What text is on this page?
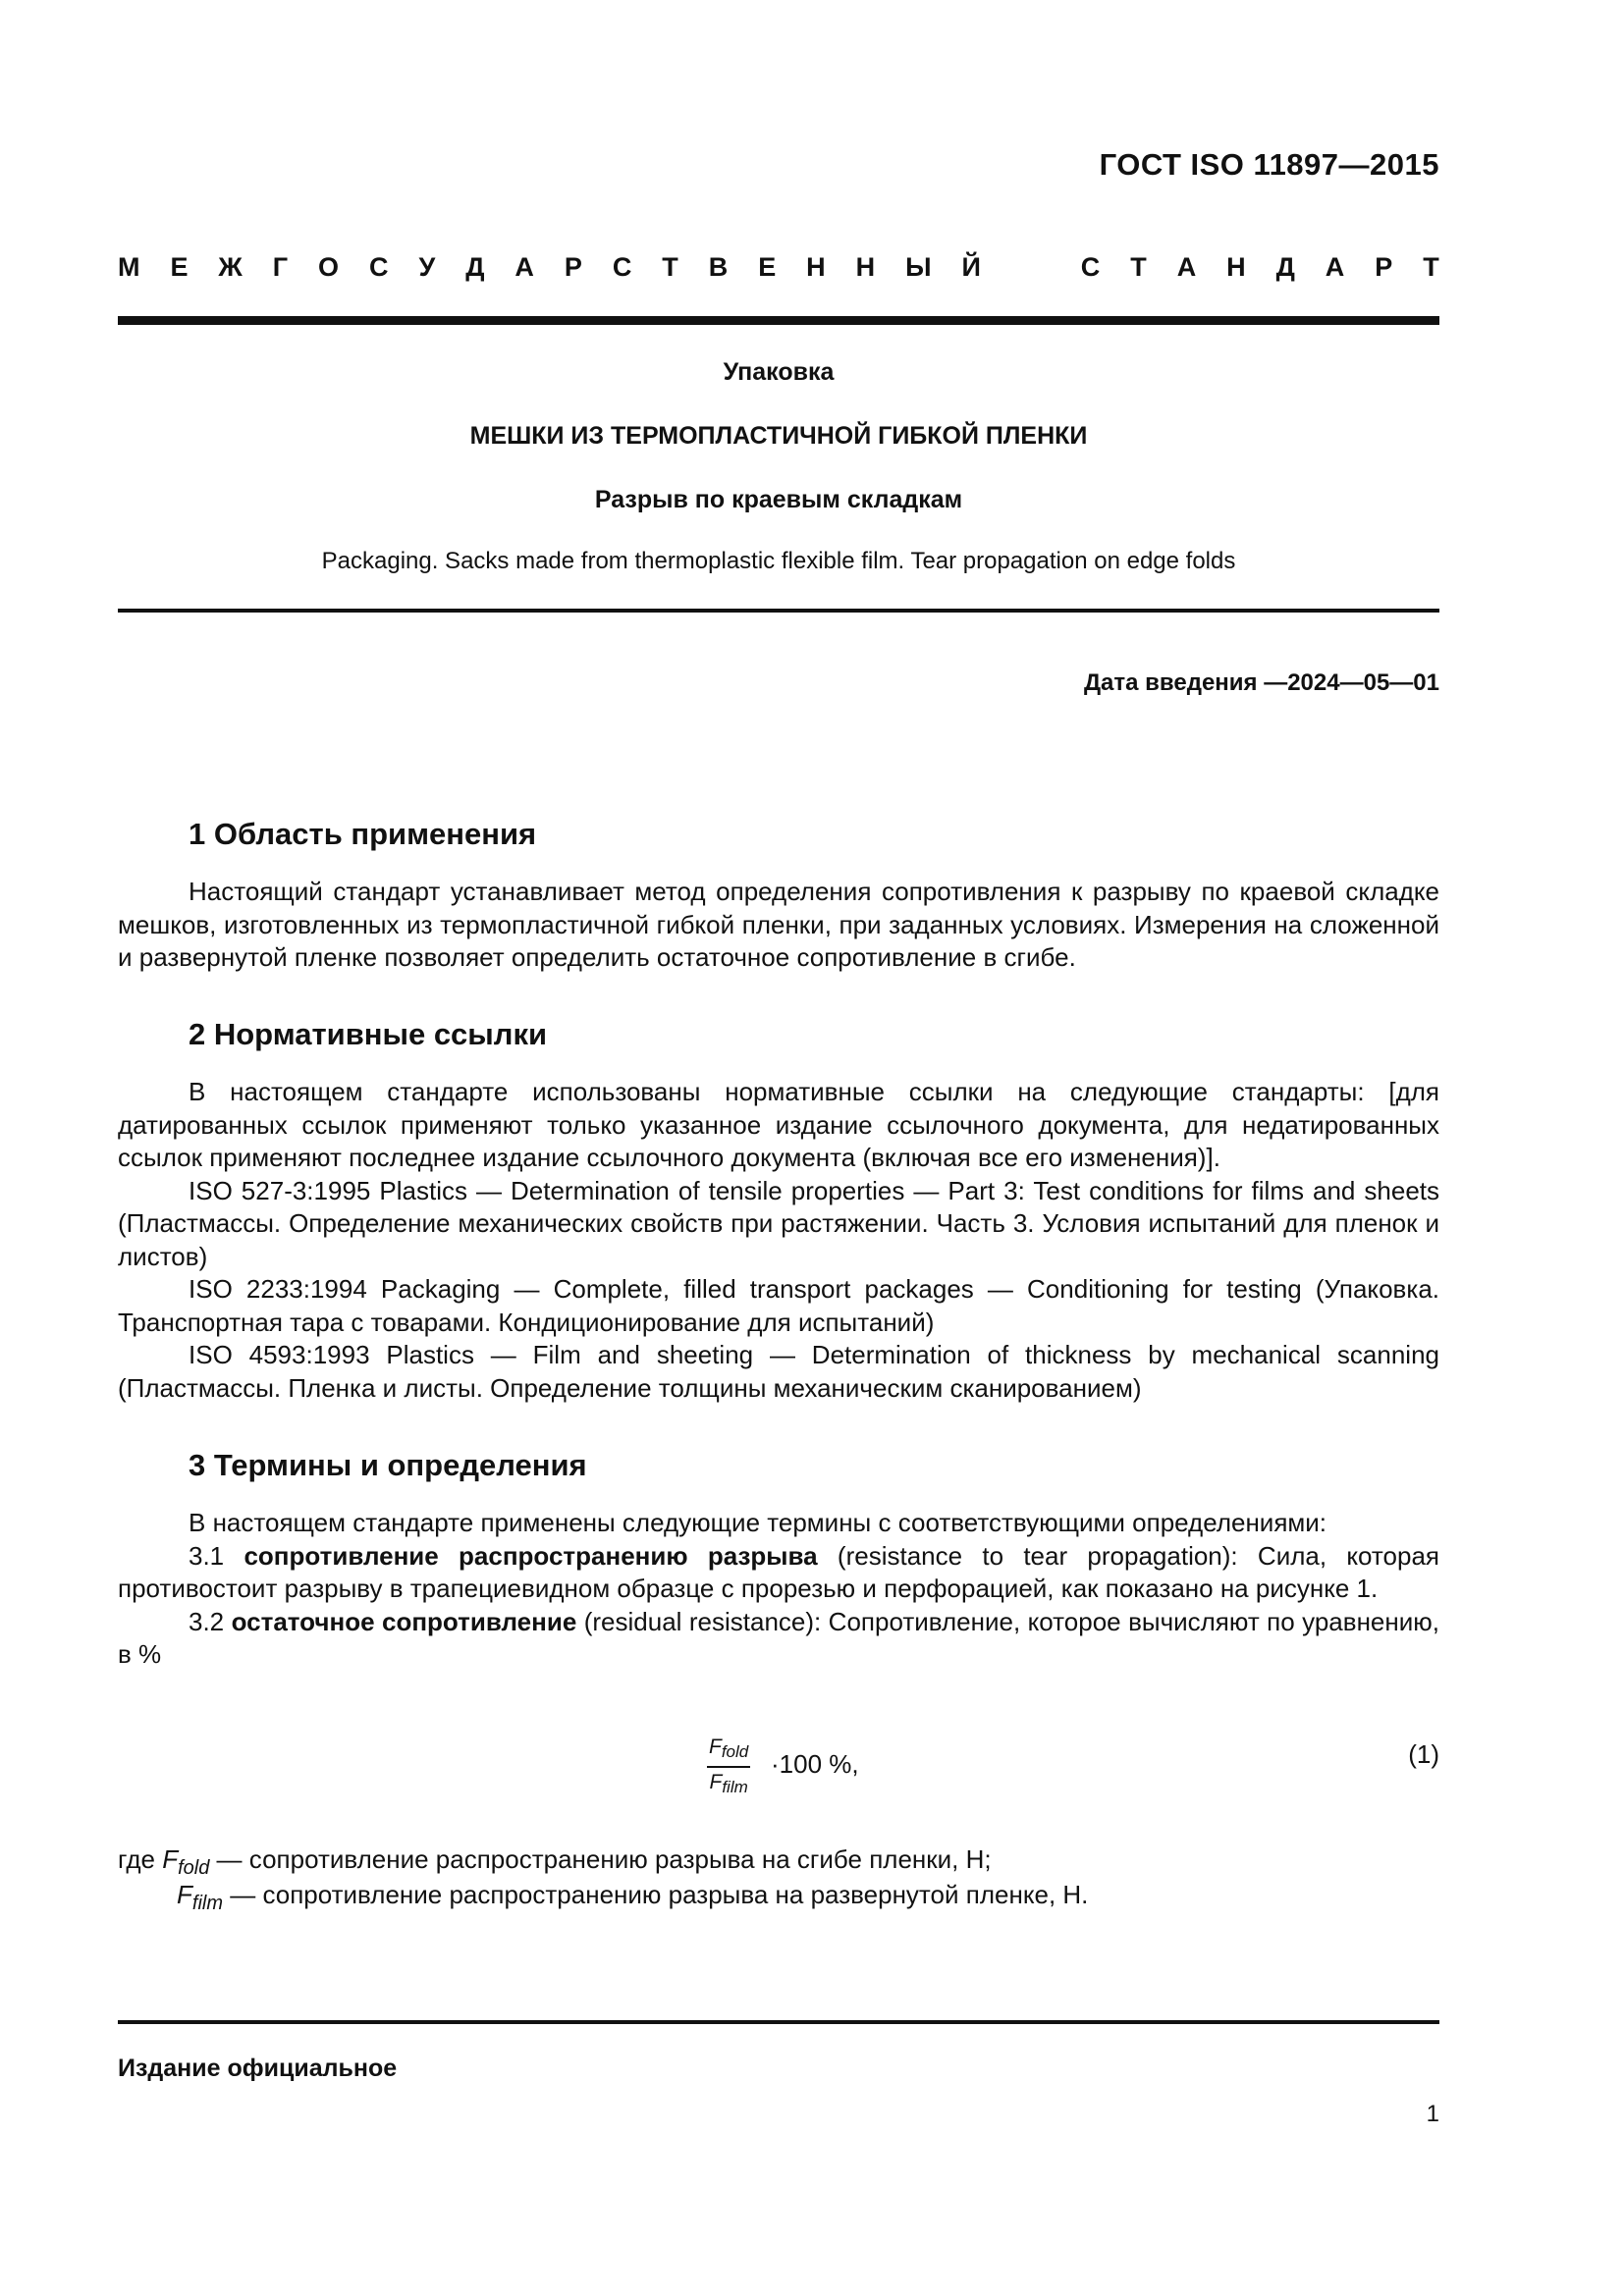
ГОСТ ISO 11897—2015
М Е Ж Г О С У Д А Р С Т В Е Н Н Ы Й	С Т А Н Д А Р Т
Упаковка
МЕШКИ ИЗ ТЕРМОПЛАСТИЧНОЙ ГИБКОЙ ПЛЕНКИ
Разрыв по краевым складкам
Packaging. Sacks made from thermoplastic flexible film. Tear propagation on edge folds
Дата введения —2024—05—01
1 Область применения

Настоящий стандарт устанавливает метод определения сопротивления к разрыву по краевой складке мешков, изготовленных из термопластичной гибкой пленки, при заданных условиях. Измерения на сложенной и развернутой пленке позволяет определить остаточное сопротивление в сгибе.

2 Нормативные ссылки

В настоящем стандарте использованы нормативные ссылки на следующие стандарты: [для датированных ссылок применяют только указанное издание ссылочного документа, для недатированных ссылок применяют последнее издание ссылочного документа (включая все его изменения)].

ISO 527-3:1995 Plastics — Determination of tensile properties — Part 3: Test conditions for films and sheets (Пластмассы. Определение механических свойств при растяжении. Часть 3. Условия испытаний для пленок и листов)

ISO 2233:1994 Packaging — Complete, filled transport packages — Conditioning for testing (Упаковка. Транспортная тара с товарами. Кондиционирование для испытаний)

ISO 4593:1993 Plastics — Film and sheeting — Determination of thickness by mechanical scanning (Пластмассы. Пленка и листы. Определение толщины механическим сканированием)

3 Термины и определения

В настоящем стандарте применены следующие термины с соответствующими определениями:

3.1 сопротивление распространению разрыва (resistance to tear propagation): Сила, которая противостоит разрыву в трапециевидном образце с прорезью и перфорацией, как показано на рисунке 1.

3.2 остаточное сопротивление (residual resistance): Сопротивление, которое вычисляют по уравнению, в %

$F_{fold}$
$F_{film}$
·100 %,	(1)
где $F_{fold}$ — сопротивление распространению разрыва на сгибе пленки, Н;
$F_{film}$ — сопротивление распространению разрыва на развернутой пленке, Н.
Издание официальное
1
